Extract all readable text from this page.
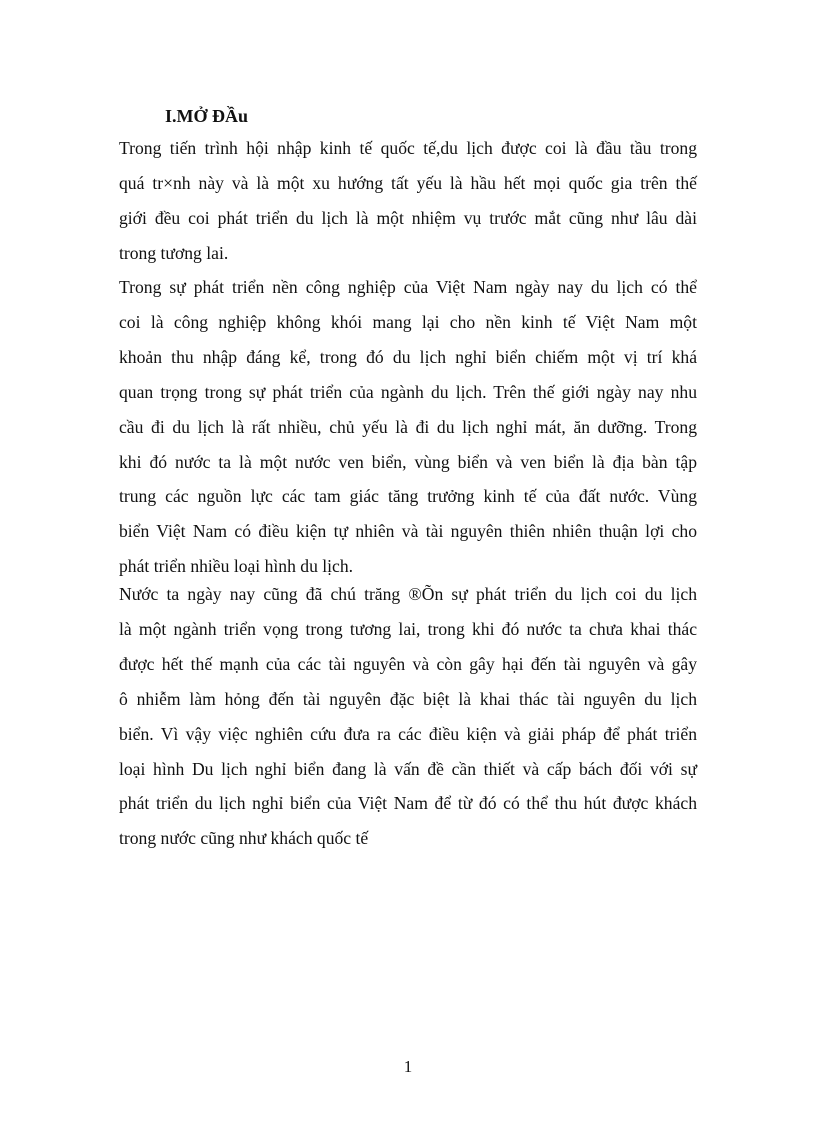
I.MỞ ĐẦu

Trong tiến trình hội nhập kinh tế quốc tế,du lịch được coi là đầu tầu trong
quá tr×nh này và là một xu hướng tất yếu là hầu hết mọi quốc gia trên thế
giới đều coi phát triển du lịch là một nhiệm vụ trước mắt cũng như lâu dài
trong tương lai.

Trong sự phát triển nền công nghiệp của Việt Nam ngày nay du lịch có thể
coi là công nghiệp không khói mang lại cho nền kinh tế Việt Nam một
khoản thu nhập đáng kể, trong đó du lịch nghỉ biển chiếm một vị trí khá
quan trọng trong sự phát triển của ngành du lịch. Trên thế giới ngày nay nhu
cầu đi du lịch là rất nhiều, chủ yếu là đi du lịch nghỉ mát, ăn dưỡng. Trong
khi đó nước ta là một nước ven biển, vùng biển và ven biển là địa bàn tập
trung các nguồn lực các tam giác tăng trưởng kinh tế của đất nước. Vùng
biển Việt Nam có điều kiện tự nhiên và tài nguyên thiên nhiên thuận lợi cho
phát triển nhiều loại hình du lịch.

Nước ta ngày nay cũng đã chú trăng ®Õn sự phát triển du lịch coi du lịch
là một ngành triển vọng trong tương lai, trong khi đó nước ta chưa khai thác
được hết thế mạnh của các tài nguyên và còn gây hại đến tài nguyên và gây
ô nhiễm làm hỏng đến tài nguyên đặc biệt là khai thác tài nguyên du lịch
biển. Vì vậy việc nghiên cứu đưa ra các điều kiện và giải pháp để phát triển
loại hình Du lịch nghỉ biển đang là vấn đề cần thiết và cấp bách đối với sự
phát triển du lịch nghỉ biển của Việt Nam để từ đó có thể thu hút được khách
trong nước cũng như khách quốc tế

1
